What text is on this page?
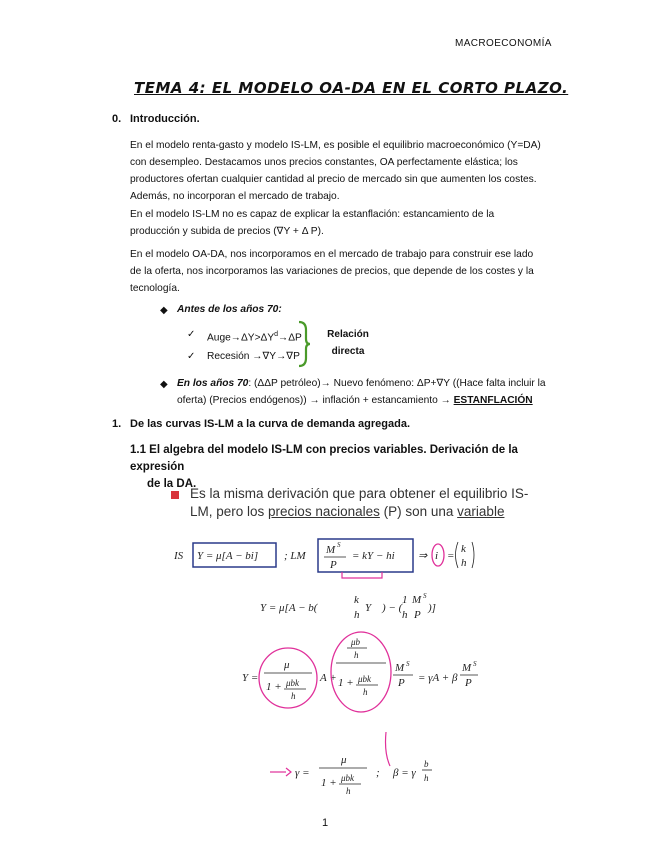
MACROECONOMÍA
TEMA 4: EL MODELO OA-DA EN EL CORTO PLAZO.
0. Introducción.
En el modelo renta-gasto y modelo IS-LM, es posible el equilibrio macroeconómico (Y=DA)
con desempleo. Destacamos unos precios constantes, OA perfectamente elástica; los
productores ofertan cualquier cantidad al precio de mercado sin que aumenten los costes.
Además, no incorporan el mercado de trabajo.
En el modelo IS-LM no es capaz de explicar la estanflación: estancamiento de la
producción y subida de precios (∇Y + Δ P).
En el modelo OA-DA, nos incorporamos en el mercado de trabajo para construir ese lado
de la oferta, nos incorporamos las variaciones de precios, que depende de los costes y la
tecnología.
◆ Antes de los años 70:
✓ $Auge\to\Delta Y>\Delta Y^d\to\Delta P$
✓ Recesión →∇Y→∇P
Relación
directa
◆ En los años 70: (ΔΔP petróleo)→ Nuevo fenómeno: ΔP+∇Y ((Hace falta incluir la
oferta) (Precios endógenos)) → inflación + estancamiento → ESTANFLACIÓN
1. De las curvas IS-LM a la curva de demanda agregada.
1.1 El algebra del modelo IS-LM con precios variables. Derivación de la expresión
de la DA.
Es la misma derivación que para obtener el equilibrio IS-
LM, pero los precios nacionales (P) son una variable
IS Y = μ[A − bi] ; LM M S
P
= kY − hi ⇒ i =
k
h
Y = μ[A − b(
k
h
Y ) − (
1 M S
h P
)]
Y =
μ
1 + μbk
h
A +
μb
h
1 + μbk
h
M S
P = γA + β
M S
P
γ =
μ
1 + μbk
h
; β = γ
b
h
1
